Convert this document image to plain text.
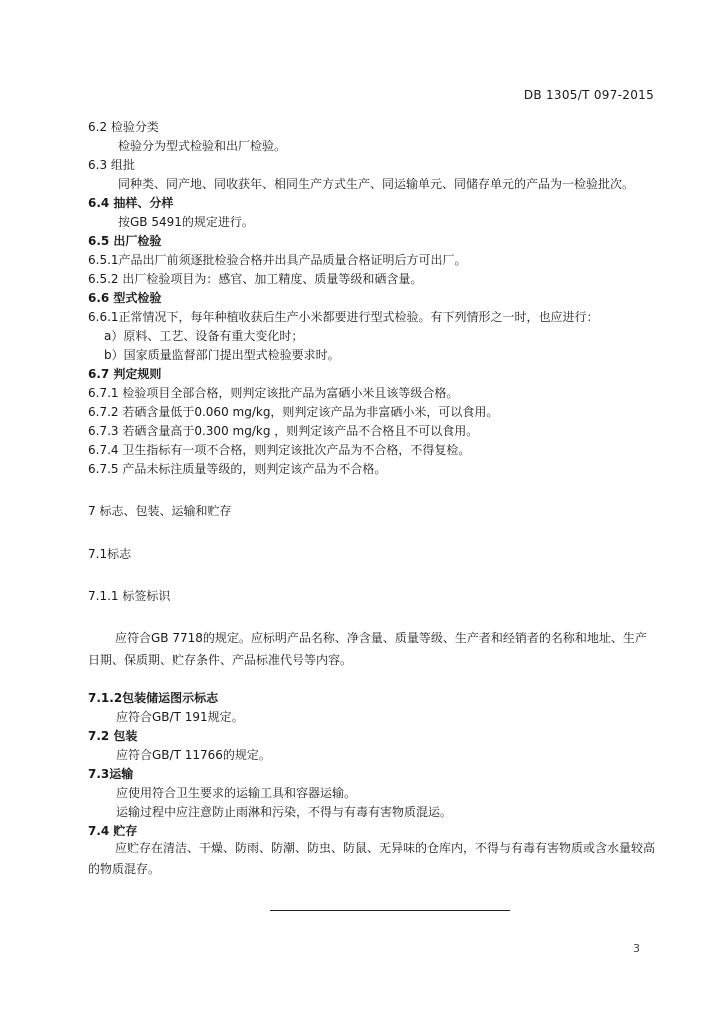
DB 1305/T 097-2015
6.2 检验分类
检验分为型式检验和出厂检验。
6.3 组批
同种类、同产地、同收获年、相同生产方式生产、同运输单元、同储存单元的产品为一检验批次。
6.4 抽样、分样
按GB 5491的规定进行。
6.5 出厂检验
6.5.1产品出厂前须逐批检验合格并出具产品质量合格证明后方可出厂。
6.5.2 出厂检验项目为：感官、加工精度、质量等级和硒含量。
6.6 型式检验
6.6.1正常情况下，每年种植收获后生产小米都要进行型式检验。有下列情形之一时，也应进行：
a）原料、工艺、设备有重大变化时；
b）国家质量监督部门提出型式检验要求时。
6.7 判定规则
6.7.1 检验项目全部合格，则判定该批产品为富硒小米且该等级合格。
6.7.2 若硒含量低于0.060 mg/kg，则判定该产品为非富硒小米，可以食用。
6.7.3 若硒含量高于0.300 mg/kg ，则判定该产品不合格且不可以食用。
6.7.4 卫生指标有一项不合格，则判定该批次产品为不合格，不得复检。
6.7.5 产品未标注质量等级的，则判定该产品为不合格。
7 标志、包装、运输和贮存
7.1标志
7.1.1 标签标识
应符合GB 7718的规定。应标明产品名称、净含量、质量等级、生产者和经销者的名称和地址、生产日期、保质期、贮存条件、产品标准代号等内容。
7.1.2包装储运图示标志
应符合GB/T 191规定。
7.2 包装
应符合GB/T 11766的规定。
7.3运输
应使用符合卫生要求的运输工具和容器运输。
运输过程中应注意防止雨淋和污染，不得与有毒有害物质混运。
7.4 贮存
应贮存在清洁、干燥、防雨、防潮、防虫、防鼠、无异味的仓库内，不得与有毒有害物质或含水量较高的物质混存。
3
